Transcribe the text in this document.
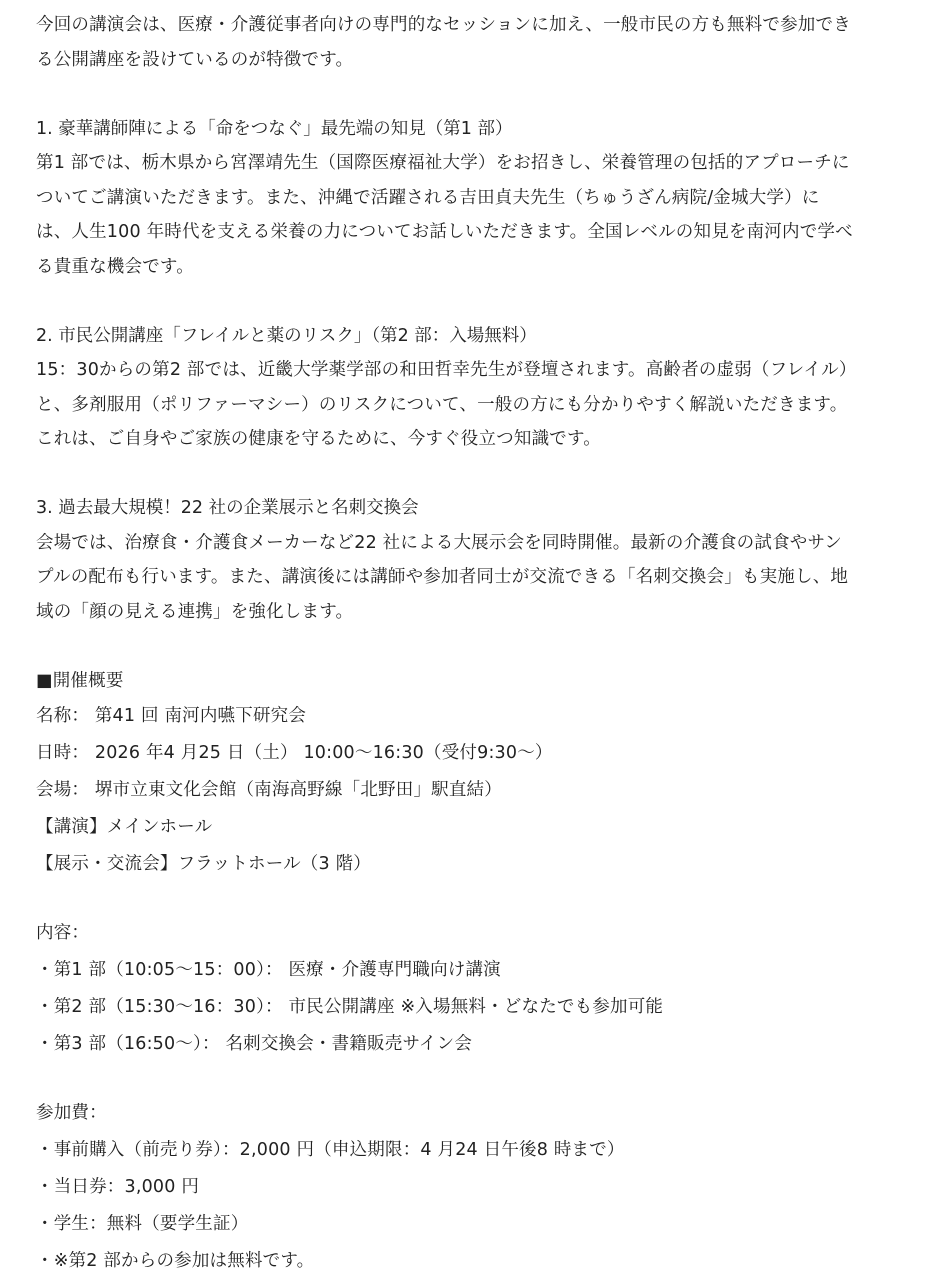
今回の講演会は、医療・介護従事者向けの専門的なセッションに加え、一般市民の方も無料で参加でき

る公開講座を設けているのが特徴です。

1. 豪華講師陣による「命をつなぐ」最先端の知見（第1 部）

第1 部では、栃木県から宮澤靖先生（国際医療福祉大学）をお招きし、栄養管理の包括的アプローチに

ついてご講演いただきます。また、沖縄で活躍される吉田貞夫先生（ちゅうざん病院/金城大学）に

は、人生100 年時代を支える栄養の力についてお話しいただきます。全国レベルの知見を南河内で学べ

る貴重な機会です。

2. 市民公開講座「フレイルと薬のリスク」（第2 部：入場無料）

15：30からの第2 部では、近畿大学薬学部の和田哲幸先生が登壇されます。高齢者の虚弱（フレイル）

と、多剤服用（ポリファーマシー）のリスクについて、一般の方にも分かりやすく解説いただきます。

これは、ご自身やご家族の健康を守るために、今すぐ役立つ知識です。

3. 過去最大規模！22 社の企業展示と名刺交換会

会場では、治療食・介護食メーカーなど22 社による大展示会を同時開催。最新の介護食の試食やサン

プルの配布も行います。また、講演後には講師や参加者同士が交流できる「名刺交換会」も実施し、地

域の「顔の見える連携」を強化します。

■開催概要

名称： 第41 回 南河内嚥下研究会

日時： 2026 年4 月25 日（土） 10:00〜16:30（受付9:30〜）

会場： 堺市立東文化会館（南海高野線「北野田」駅直結）

【講演】メインホール

【展示・交流会】フラットホール（3 階）

内容：

・第1 部（10:05〜15：00）： 医療・介護専門職向け講演

・第2 部（15:30〜16：30）： 市民公開講座 ※入場無料・どなたでも参加可能

・第3 部（16:50〜）： 名刺交換会・書籍販売サイン会

参加費：

・事前購入（前売り券）：2,000 円（申込期限：4 月24 日午後8 時まで）

・当日券：3,000 円

・学生：無料（要学生証）

・※第2 部からの参加は無料です。
